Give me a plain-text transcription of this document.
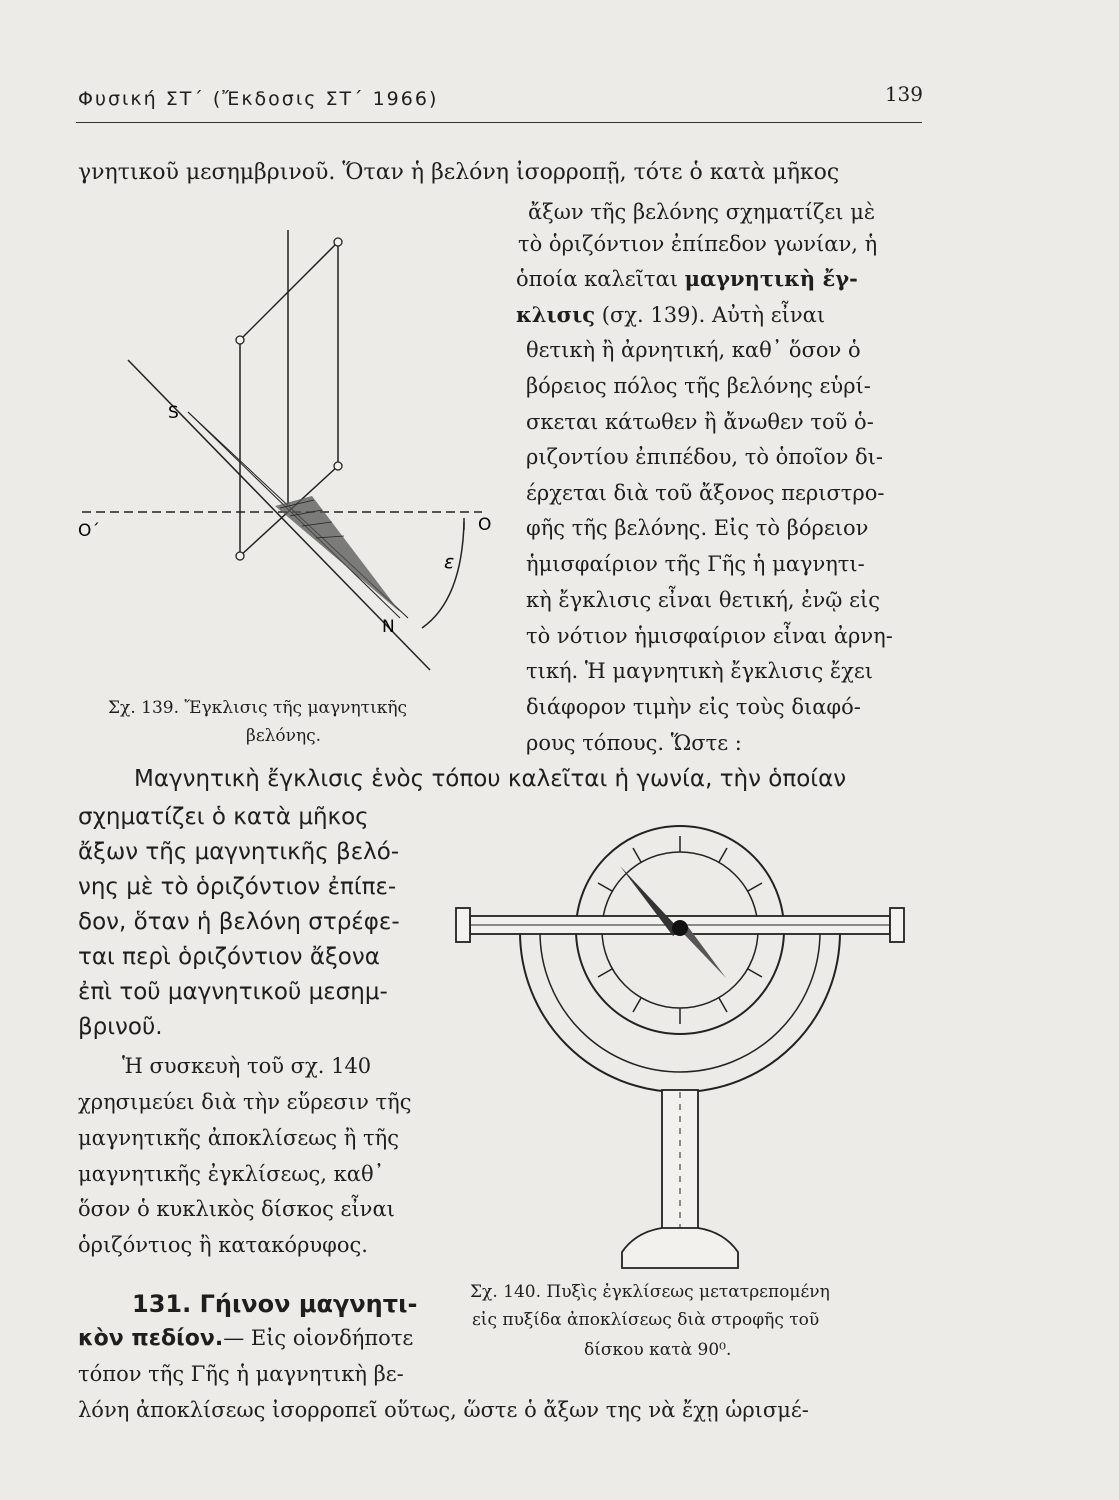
Φυσική ΣΤ΄ (Ἔκδοσις ΣΤ΄ 1966)	139
γνητικοῦ μεσημβρινοῦ. Ὅταν ἡ βελόνη ἰσορροπῇ, τότε ὁ κατὰ μῆκος
ἄξων τῆς βελόνης σχηματίζει μὲ
τὸ ὁριζόντιον ἐπίπεδον γωνίαν, ἡ
ὁποία καλεῖται μαγνητικὴ ἔγ-
κλισις (σχ. 139). Αὐτὴ εἶναι
θετικὴ ἢ ἀρνητική, καθ᾽ ὅσον ὁ
βόρειος πόλος τῆς βελόνης εὑρί-
σκεται κάτωθεν ἢ ἄνωθεν τοῦ ὁ-
ριζοντίου ἐπιπέδου, τὸ ὁποῖον δι-
έρχεται διὰ τοῦ ἄξονος περιστρο-
φῆς τῆς βελόνης. Εἰς τὸ βόρειον
ἡμισφαίριον τῆς Γῆς ἡ μαγνητι-
κὴ ἔγκλισις εἶναι θετική, ἐνῷ εἰς
τὸ νότιον ἡμισφαίριον εἶναι ἀρνη-
τική. Ἡ μαγνητικὴ ἔγκλισις ἔχει
διάφορον τιμὴν εἰς τοὺς διαφό-
ρους τόπους. Ὥστε :
S
N
O΄	O
ε
Σχ. 139. Ἔγκλισις τῆς μαγνητικῆς
βελόνης.
Μαγνητικὴ ἔγκλισις ἑνὸς τόπου καλεῖται ἡ γωνία, τὴν ὁποίαν
σχηματίζει ὁ κατὰ μῆκος
ἄξων τῆς μαγνητικῆς βελό-
νης μὲ τὸ ὁριζόντιον ἐπίπε-
δον, ὅταν ἡ βελόνη στρέφε-
ται περὶ ὁριζόντιον ἄξονα
ἐπὶ τοῦ μαγνητικοῦ μεσημ-
βρινοῦ.
Ἡ συσκευὴ τοῦ σχ. 140
χρησιμεύει διὰ τὴν εὕρεσιν τῆς
μαγνητικῆς ἀποκλίσεως ἢ τῆς
μαγνητικῆς ἐγκλίσεως, καθ᾽
ὅσον ὁ κυκλικὸς δίσκος εἶναι
ὁριζόντιος ἢ κατακόρυφος.
Σχ. 140. Πυξὶς ἐγκλίσεως μετατρεπομένη
εἰς πυξίδα ἀποκλίσεως διὰ στροφῆς τοῦ
δίσκου κατὰ 90⁰.
131. Γήινον μαγνητι-
κὸν πεδίον.— Εἰς οἱονδήποτε
τόπον τῆς Γῆς ἡ μαγνητικὴ βε-
λόνη ἀποκλίσεως ἰσορροπεῖ οὕτως, ὥστε ὁ ἄξων της νὰ ἔχῃ ὡρισμέ-
